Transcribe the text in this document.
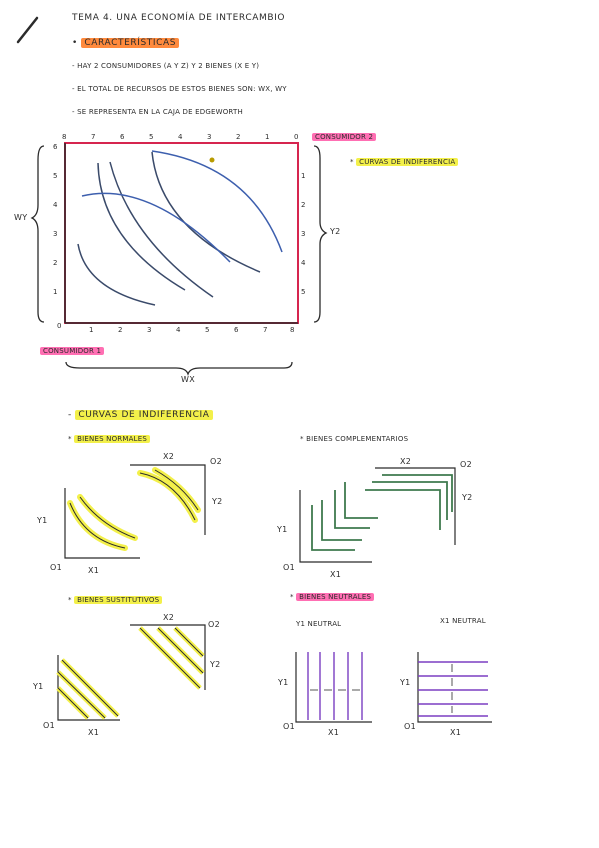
TEMA 4. UNA ECONOMÍA DE INTERCAMBIO
• CARACTERÍSTICAS
- HAY 2 CONSUMIDORES (A Y Z) Y 2 BIENES (X E Y)
- EL TOTAL DE RECURSOS DE ESTOS BIENES SON: WX, WY
- SE REPRESENTA EN LA CAJA DE EDGEWORTH
CONSUMIDOR 2
* CURVAS DE INDIFERENCIA
CONSUMIDOR 1
WY
Y2
WX
8	7	6	5	4	3	2	1	0
0	1	2	3	4	5	6	7	8
6
5
4
3
2
1
1
2
3
4
5
- CURVAS DE INDIFERENCIA
* BIENES NORMALES
X2
O2
Y2
Y1
O1	X1
* BIENES COMPLEMENTARIOS
X2	O2
Y2
Y1
O1
X1
* BIENES SUSTITUTIVOS
X2
O2
Y2
Y1
O1
X1
* BIENES NEUTRALES
Y1 NEUTRAL	X1 NEUTRAL
Y1
O1
X1
Y1
O1
X1
